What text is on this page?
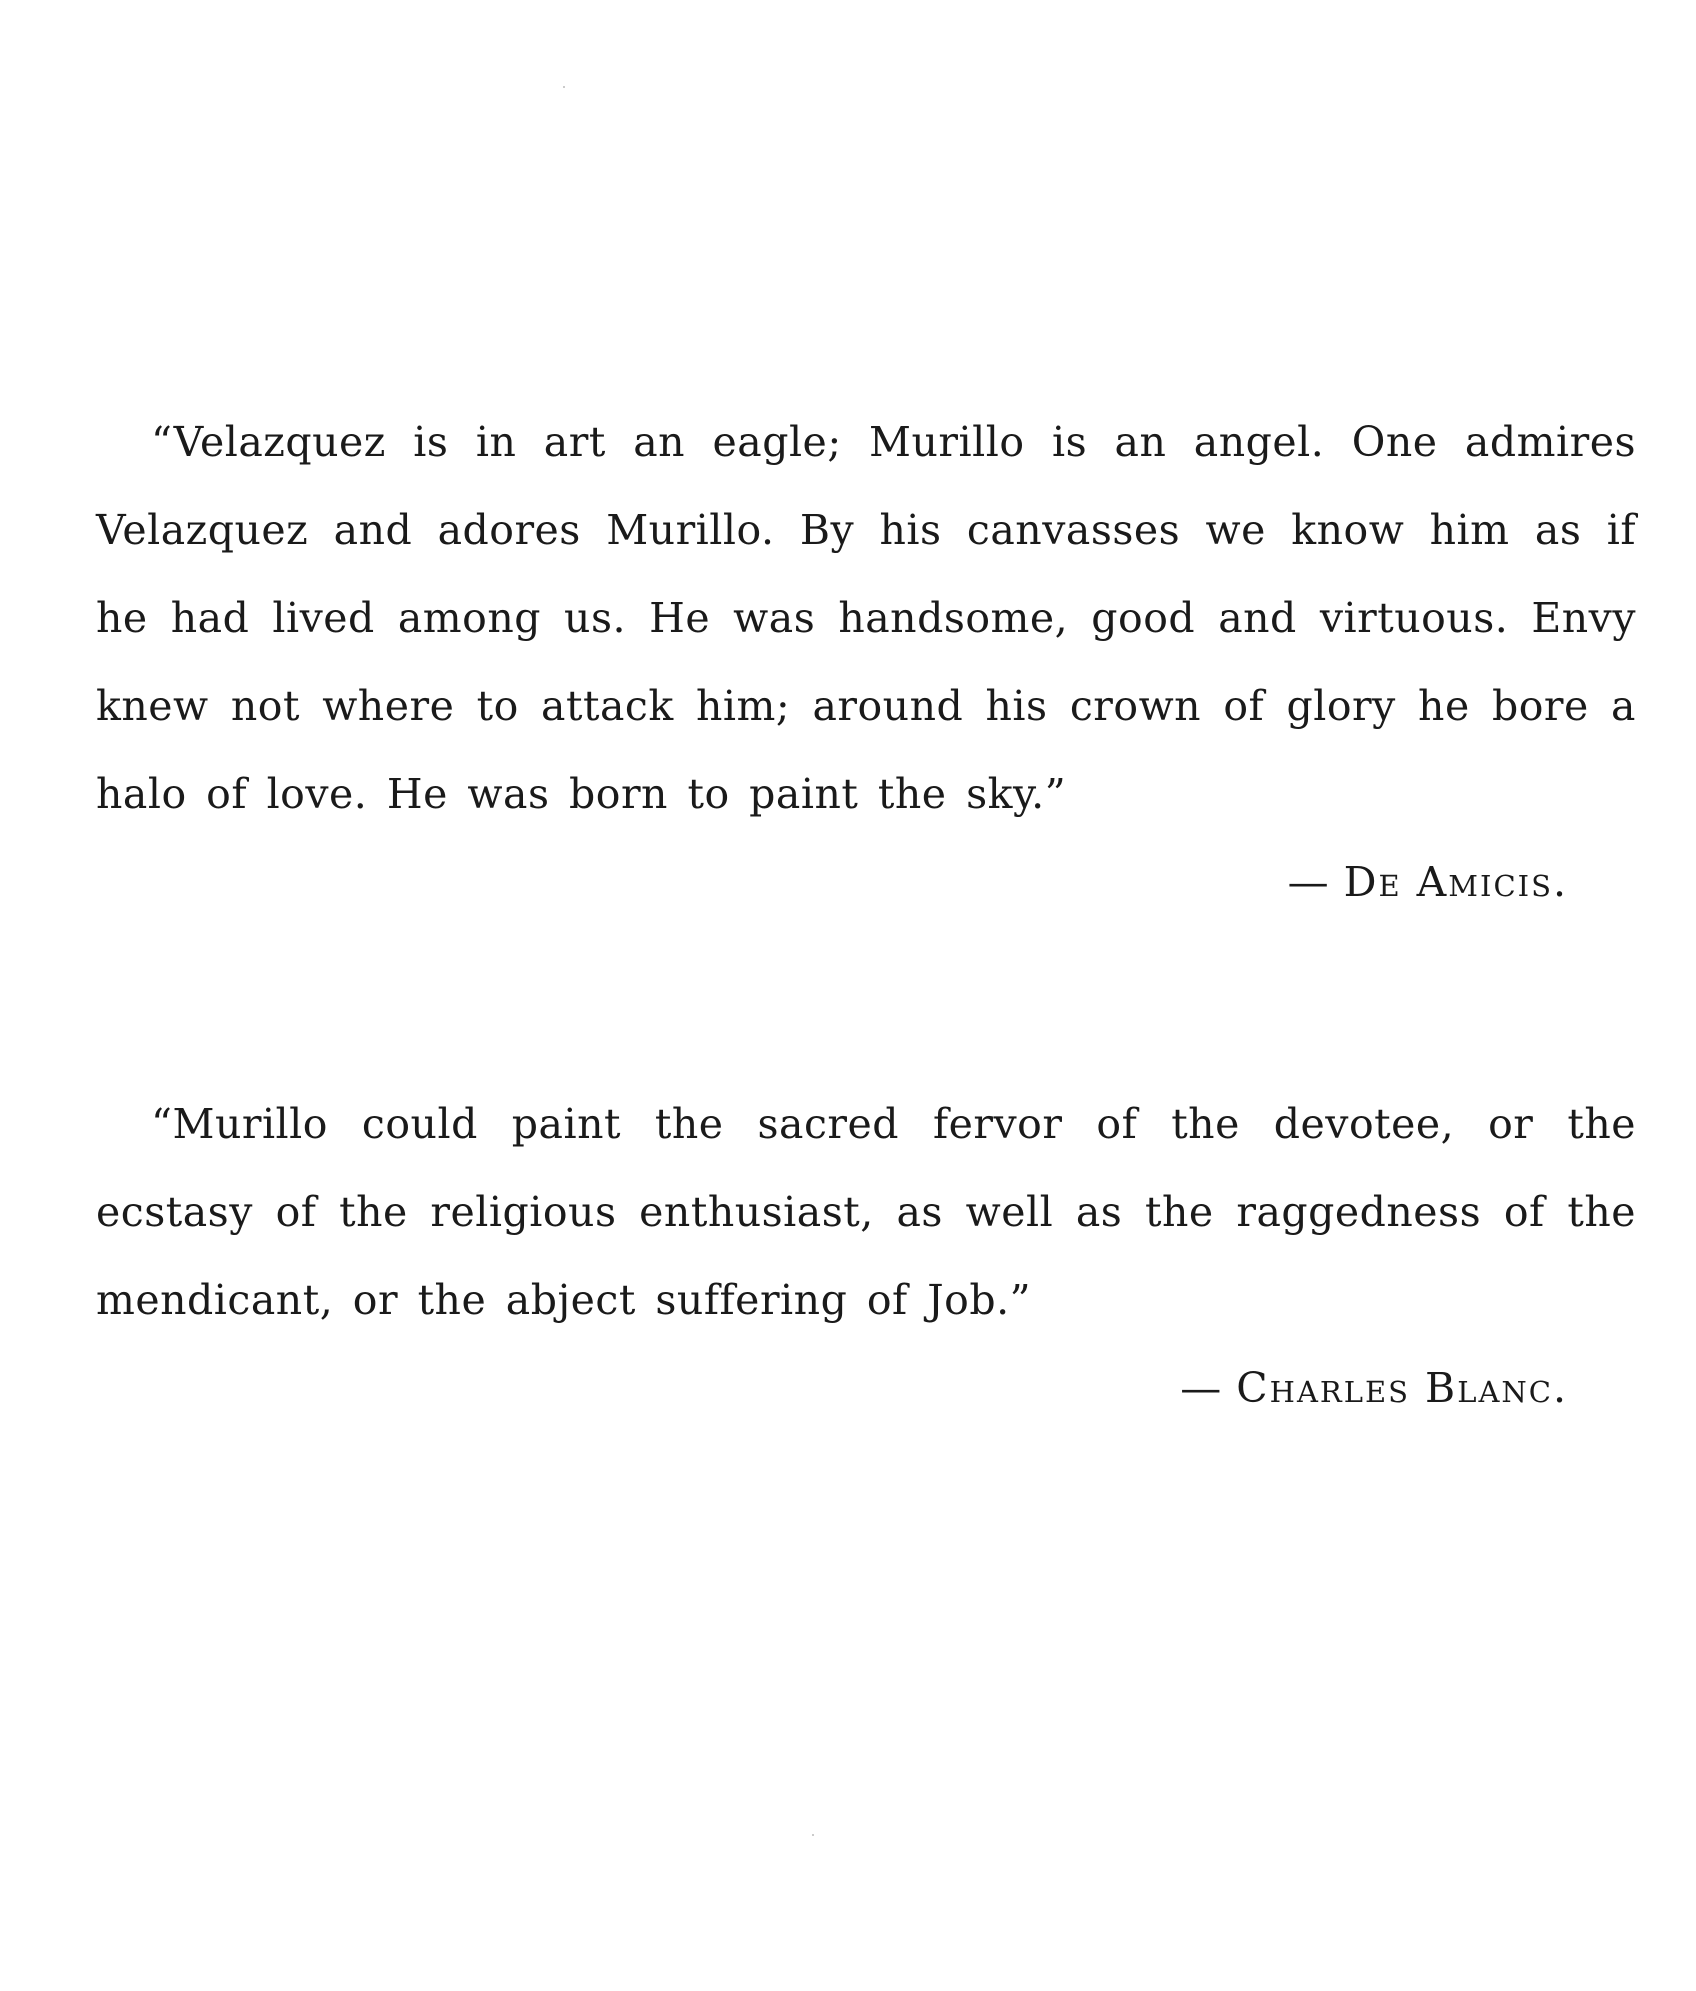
“Velazquez is in art an eagle; Murillo is an angel. One admires Velazquez and adores Murillo. By his canvasses we know him as if he had lived among us. He was handsome, good and virtuous. Envy knew not where to attack him; around his crown of glory he bore a halo of love. He was born to paint the sky.”

— De Amicis.

“Murillo could paint the sacred fervor of the devotee, or the ecstasy of the religious enthusiast, as well as the raggedness of the mendicant, or the abject suffering of Job.”

— Charles Blanc.
